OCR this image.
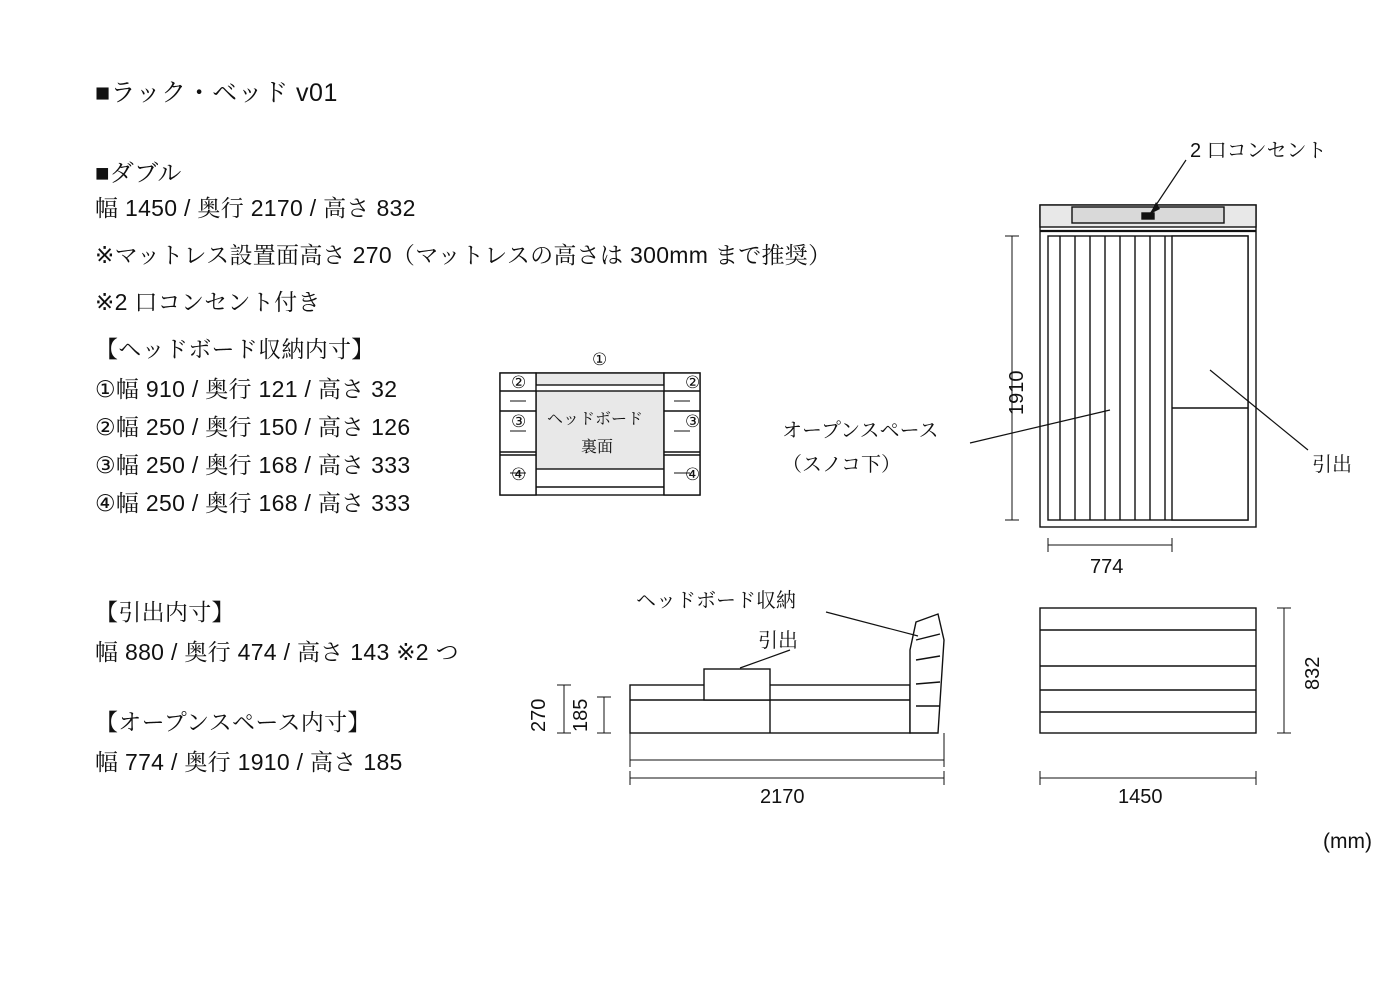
■ラック・ベッド v01
■ダブル
幅 1450 / 奥行 2170 / 高さ 832
※マットレス設置面高さ 270（マットレスの高さは 300mm まで推奨）
※2 口コンセント付き
【ヘッドボード収納内寸】
①幅 910 / 奥行 121 / 高さ 32
②幅 250 / 奥行 150 / 高さ 126
③幅 250 / 奥行 168 / 高さ 333
④幅 250 / 奥行 168 / 高さ 333
【引出内寸】
幅 880 / 奥行 474 / 高さ 143 ※2 つ
【オープンスペース内寸】
幅 774 / 奥行 1910 / 高さ 185
①
②	②
③	③
④	④
ヘッドボード
裏面
2 口コンセント
オープンスペース
（スノコ下）	引出
1910
774
ヘッドボード収納
引出
270 185
2170
832
1450
(mm)
